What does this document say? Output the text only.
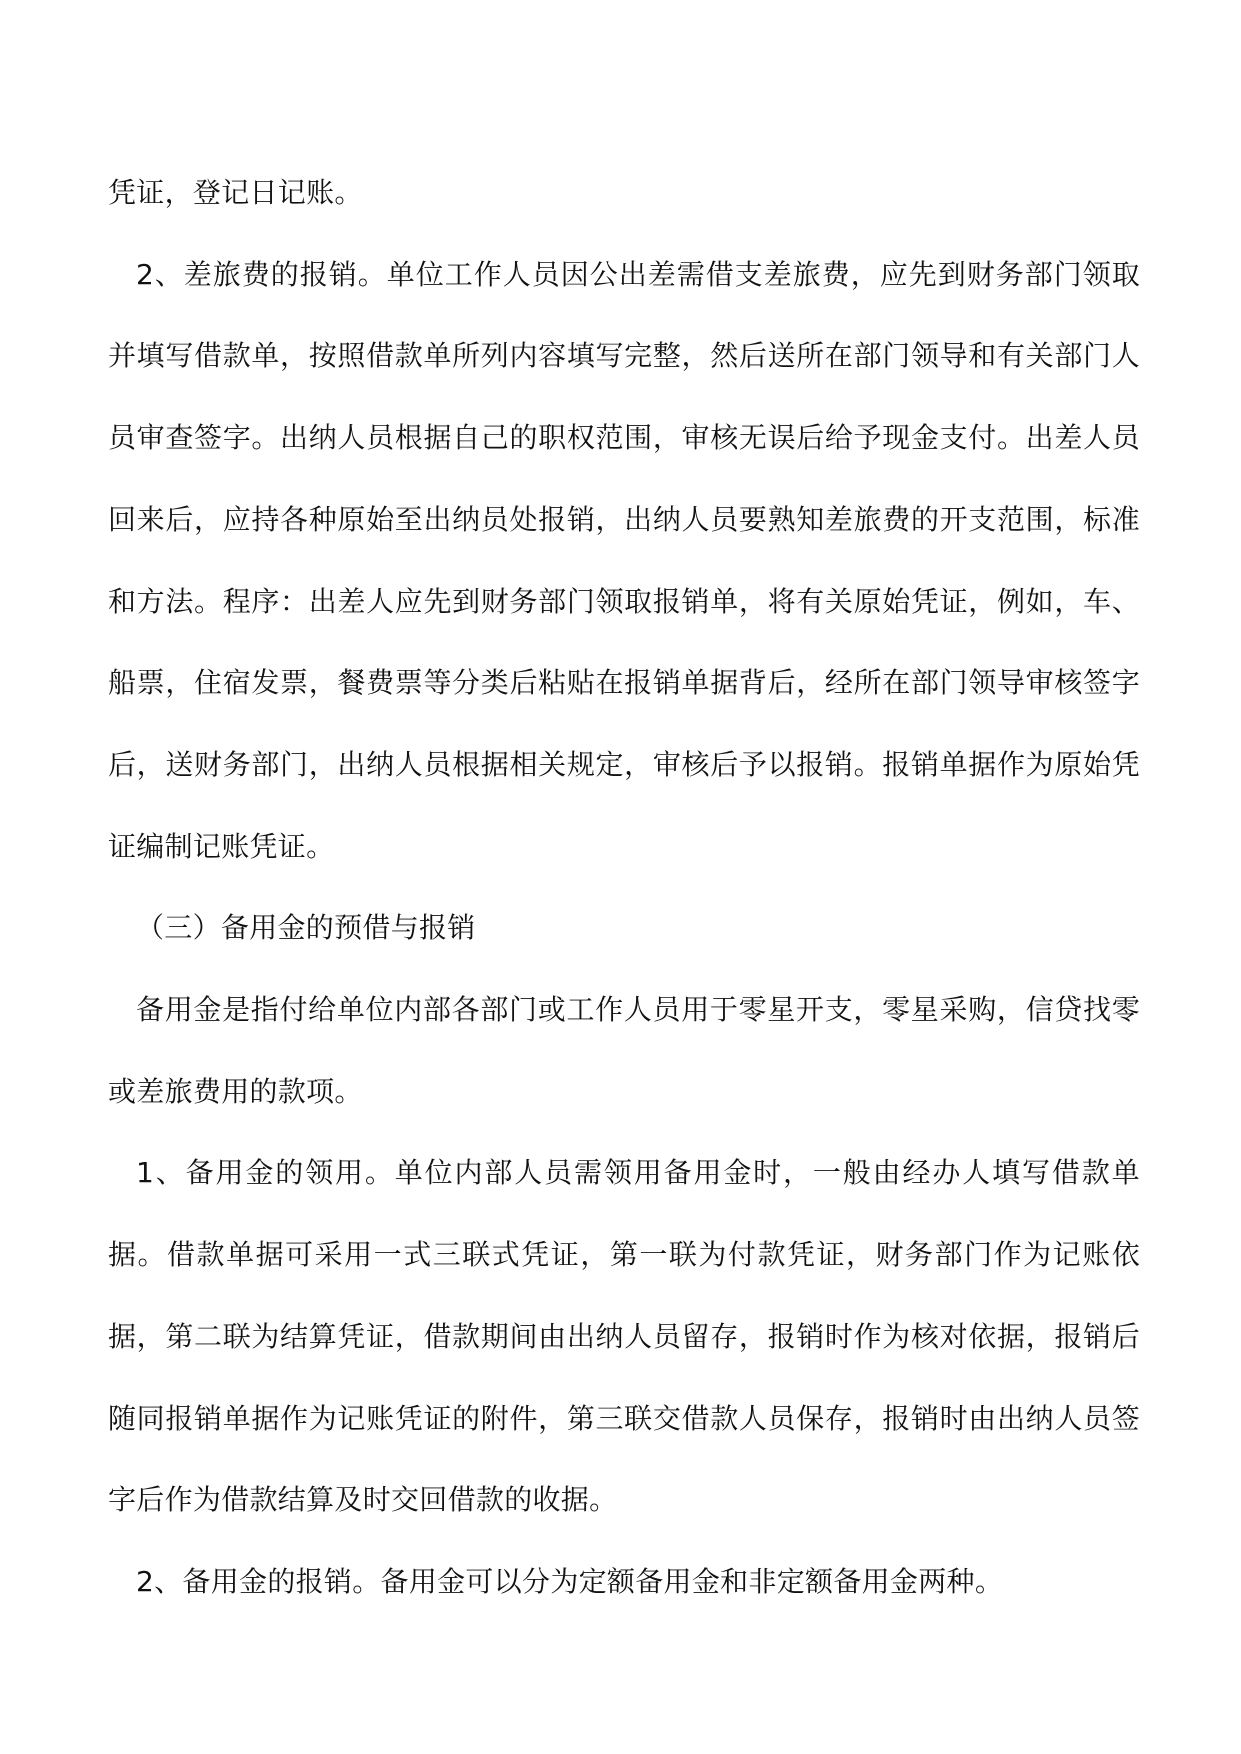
凭证，登记日记账。

2、差旅费的报销。单位工作人员因公出差需借支差旅费，应先到财务部门领取并填写借款单，按照借款单所列内容填写完整，然后送所在部门领导和有关部门人员审查签字。出纳人员根据自己的职权范围，审核无误后给予现金支付。出差人员回来后，应持各种原始至出纳员处报销，出纳人员要熟知差旅费的开支范围，标准和方法。程序：出差人应先到财务部门领取报销单，将有关原始凭证，例如，车、船票，住宿发票，餐费票等分类后粘贴在报销单据背后，经所在部门领导审核签字后，送财务部门，出纳人员根据相关规定，审核后予以报销。报销单据作为原始凭证编制记账凭证。

（三）备用金的预借与报销

备用金是指付给单位内部各部门或工作人员用于零星开支，零星采购，信贷找零或差旅费用的款项。

1、备用金的领用。单位内部人员需领用备用金时，一般由经办人填写借款单据。借款单据可采用一式三联式凭证，第一联为付款凭证，财务部门作为记账依据，第二联为结算凭证，借款期间由出纳人员留存，报销时作为核对依据，报销后随同报销单据作为记账凭证的附件，第三联交借款人员保存，报销时由出纳人员签字后作为借款结算及时交回借款的收据。

2、备用金的报销。备用金可以分为定额备用金和非定额备用金两种。
